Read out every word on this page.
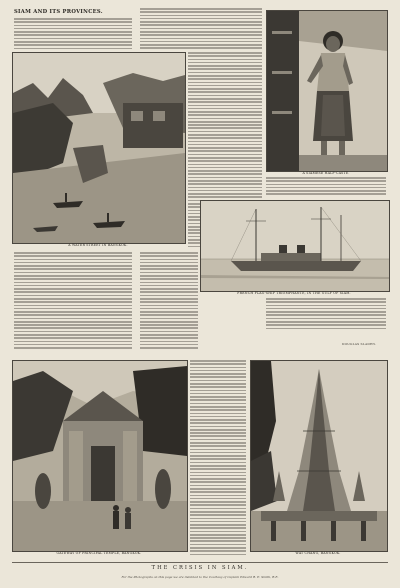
SIAM AND ITS PROVINCES.
A WATER STREET IN BANGKOK.
A SIAMESE HALF-CASTE.
FRENCH FLAG-SHIP TRIOMPHANTE, IN THE GULF OF SIAM.
DOUGLAS SLADEN.
GATEWAY OF PRINCIPAL TEMPLE, BANGKOK.	WAT CHANG, BANGKOK.
THE CRISIS IN SIAM.
For the Photographs on this page we are indebted to the Courtesy of Captain Edward R. E. Smith, R.E.
